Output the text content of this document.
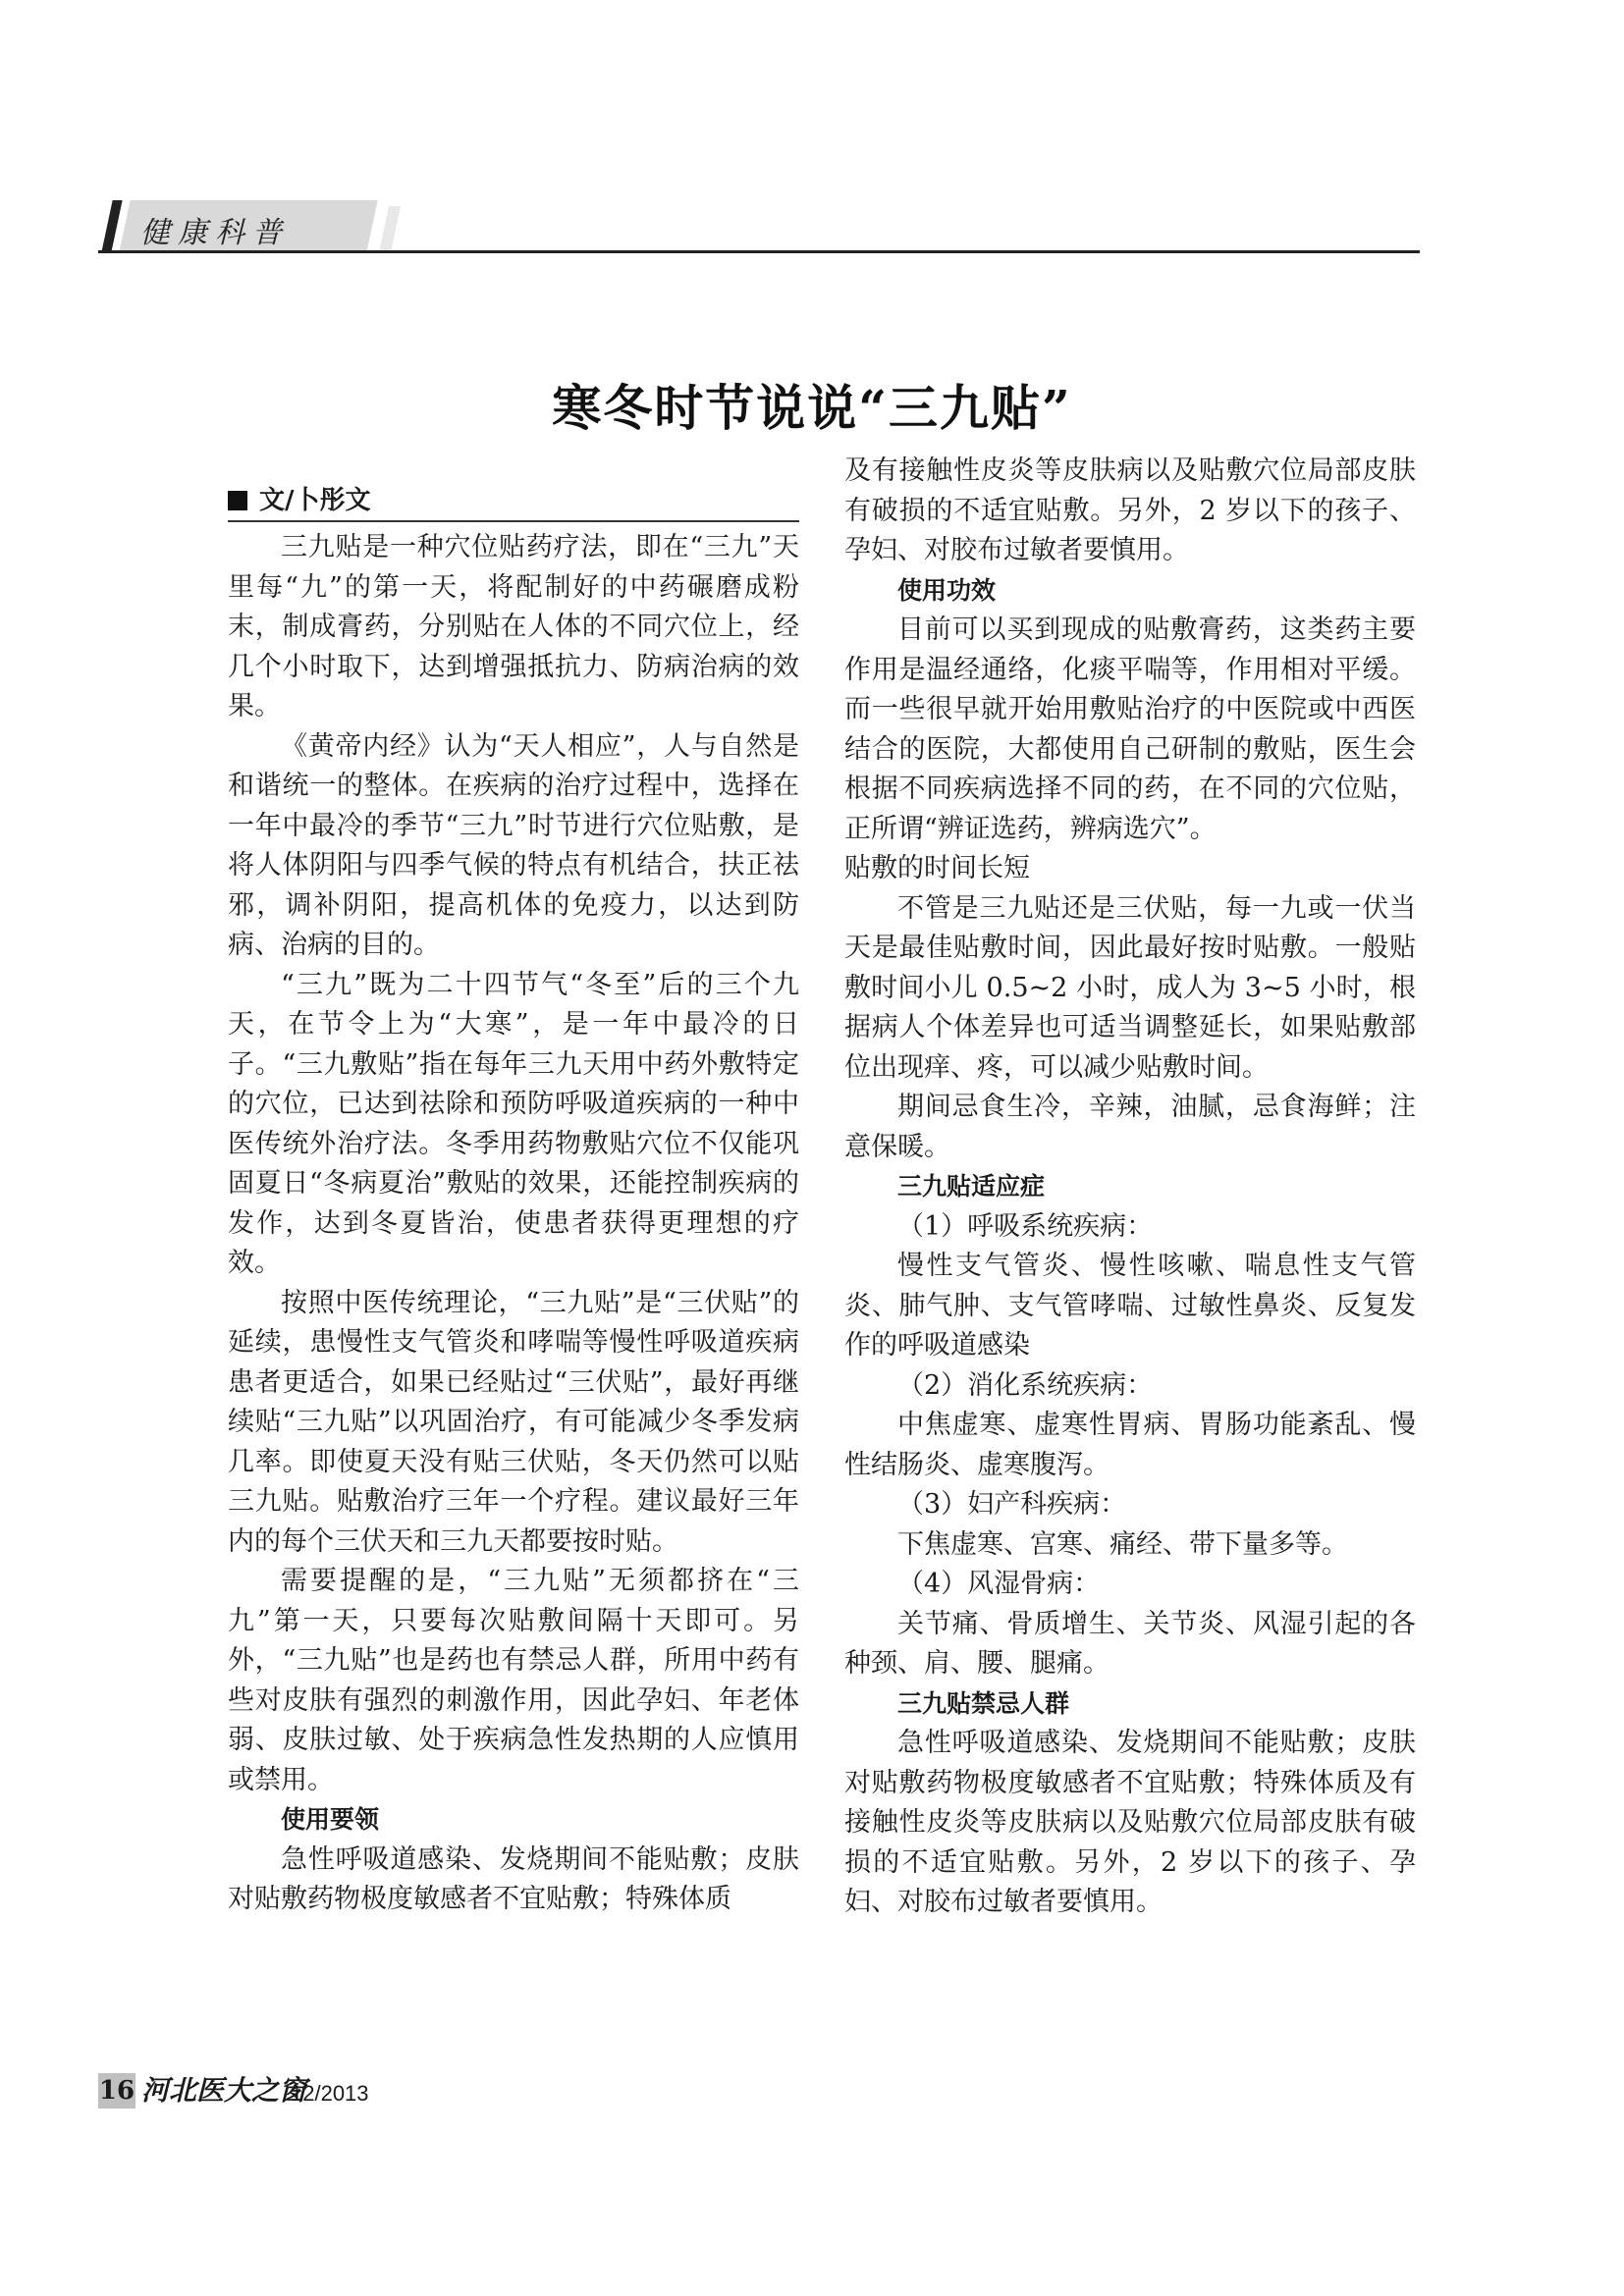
健康科普
寒冬时节说说“三九贴”
文/卜彤文

三九贴是一种穴位贴药疗法，即在“三九”天里每“九”的第一天，将配制好的中药碾磨成粉末，制成膏药，分别贴在人体的不同穴位上，经几个小时取下，达到增强抵抗力、防病治病的效果。

《黄帝内经》认为“天人相应”，人与自然是和谐统一的整体。在疾病的治疗过程中，选择在一年中最冷的季节“三九”时节进行穴位贴敷，是将人体阴阳与四季气候的特点有机结合，扶正祛邪，调补阴阳，提高机体的免疫力，以达到防病、治病的目的。

“三九”既为二十四节气“冬至”后的三个九天，在节令上为“大寒”，是一年中最冷的日子。“三九敷贴”指在每年三九天用中药外敷特定的穴位，已达到祛除和预防呼吸道疾病的一种中医传统外治疗法。冬季用药物敷贴穴位不仅能巩固夏日“冬病夏治”敷贴的效果，还能控制疾病的发作，达到冬夏皆治，使患者获得更理想的疗效。

按照中医传统理论，“三九贴”是“三伏贴”的延续，患慢性支气管炎和哮喘等慢性呼吸道疾病患者更适合，如果已经贴过“三伏贴”，最好再继续贴“三九贴”以巩固治疗，有可能减少冬季发病几率。即使夏天没有贴三伏贴，冬天仍然可以贴三九贴。贴敷治疗三年一个疗程。建议最好三年内的每个三伏天和三九天都要按时贴。

需要提醒的是，“三九贴”无须都挤在“三九”第一天，只要每次贴敷间隔十天即可。另外，“三九贴”也是药也有禁忌人群，所用中药有些对皮肤有强烈的刺激作用，因此孕妇、年老体弱、皮肤过敏、处于疾病急性发热期的人应慎用或禁用。

使用要领

急性呼吸道感染、发烧期间不能贴敷；皮肤对贴敷药物极度敏感者不宜贴敷；特殊体质

及有接触性皮炎等皮肤病以及贴敷穴位局部皮肤有破损的不适宜贴敷。另外，2 岁以下的孩子、孕妇、对胶布过敏者要慎用。

使用功效

目前可以买到现成的贴敷膏药，这类药主要作用是温经通络，化痰平喘等，作用相对平缓。而一些很早就开始用敷贴治疗的中医院或中西医结合的医院，大都使用自己研制的敷贴，医生会根据不同疾病选择不同的药，在不同的穴位贴，正所谓“辨证选药，辨病选穴”。

贴敷的时间长短

不管是三九贴还是三伏贴，每一九或一伏当天是最佳贴敷时间，因此最好按时贴敷。一般贴敷时间小儿 0.5~2 小时，成人为 3~5 小时，根据病人个体差异也可适当调整延长，如果贴敷部位出现痒、疼，可以减少贴敷时间。

期间忌食生冷，辛辣，油腻，忌食海鲜；注意保暖。

三九贴适应症
（1）呼吸系统疾病：

慢性支气管炎、慢性咳嗽、喘息性支气管炎、肺气肿、支气管哮喘、过敏性鼻炎、反复发作的呼吸道感染

（2）消化系统疾病：

中焦虚寒、虚寒性胃病、胃肠功能紊乱、慢性结肠炎、虚寒腹泻。

（3）妇产科疾病：

下焦虚寒、宫寒、痛经、带下量多等。

（4）风湿骨病：

关节痛、骨质增生、关节炎、风湿引起的各种颈、肩、腰、腿痛。

三九贴禁忌人群

急性呼吸道感染、发烧期间不能贴敷；皮肤对贴敷药物极度敏感者不宜贴敷；特殊体质及有接触性皮炎等皮肤病以及贴敷穴位局部皮肤有破损的不适宜贴敷。另外，2 岁以下的孩子、孕妇、对胶布过敏者要慎用。

16 河北医大之窗
12/2013
